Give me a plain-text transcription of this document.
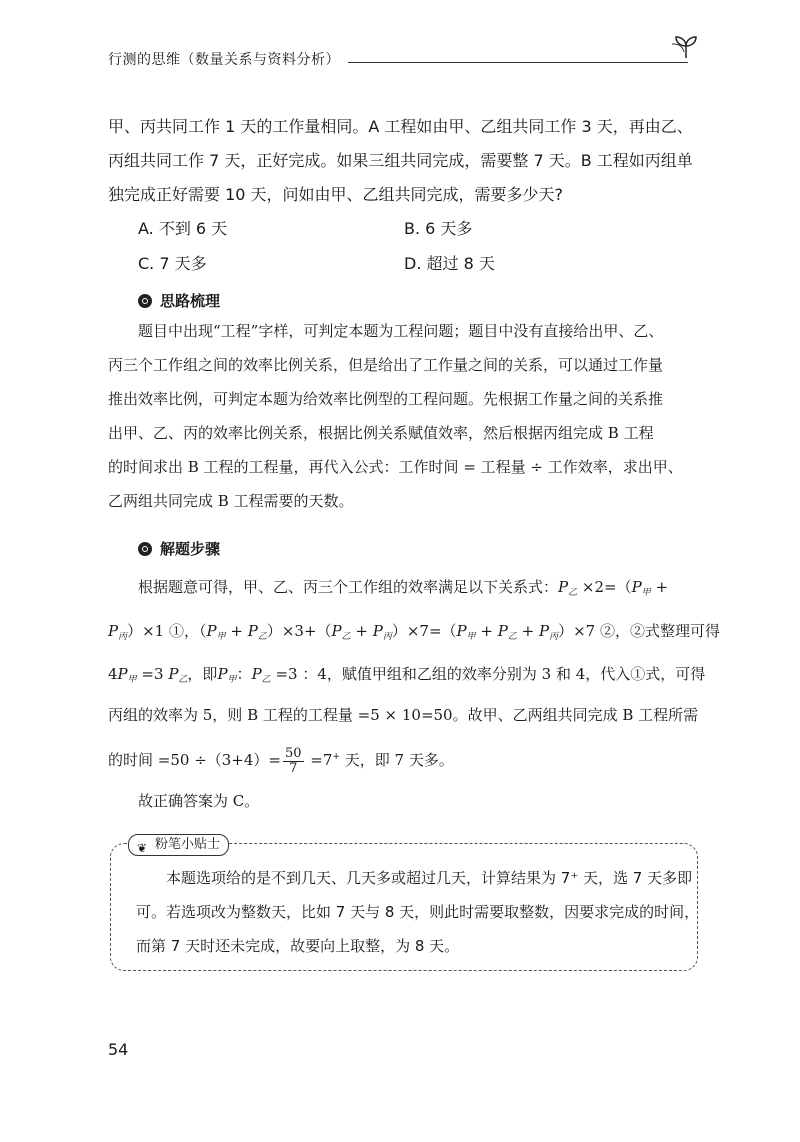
行测的思维（数量关系与资料分析）
甲、丙共同工作 1 天的工作量相同。A 工程如由甲、乙组共同工作 3 天，再由乙、
丙组共同工作 7 天，正好完成。如果三组共同完成，需要整 7 天。B 工程如丙组单
独完成正好需要 10 天，问如由甲、乙组共同完成，需要多少天?
A. 不到 6 天	B. 6 天多
C. 7 天多	D. 超过 8 天
思路梳理
题目中出现“工程”字样，可判定本题为工程问题；题目中没有直接给出甲、乙、
丙三个工作组之间的效率比例关系，但是给出了工作量之间的关系，可以通过工作量
推出效率比例，可判定本题为给效率比例型的工程问题。先根据工作量之间的关系推
出甲、乙、丙的效率比例关系，根据比例关系赋值效率，然后根据丙组完成 B 工程
的时间求出 B 工程的工程量，再代入公式：工作时间 = 工程量 ÷ 工作效率，求出甲、
乙两组共同完成 B 工程需要的天数。
解题步骤
根据题意可得，甲、乙、丙三个工作组的效率满足以下关系式：$P_乙 \times 2=(P_甲$ +
$P_丙)\times 1$ ①，$(P_甲 + P_乙)\times 3+(P_乙 + P_丙)\times 7=(P_甲 + P_乙 + P_丙)\times 7$ ②，②式整理可得
$4P_甲 =3$ $P_乙$，即$P_甲$：$P_乙 =3$ ：4，赋值甲组和乙组的效率分别为 3 和 4，代入①式，可得
丙组的效率为 5，则 B 工程的工程量 =5 × 10=50。故甲、乙两组共同完成 B 工程所需
的时间 $=50 \div(3+4)= \frac{50}{7} =7^+$ 天，即 7 天多。
故正确答案为 C。
❦ 粉笔小贴士
本题选项给的是不到几天、几天多或超过几天，计算结果为 7⁺ 天，选 7 天多即
可。若选项改为整数天，比如 7 天与 8 天，则此时需要取整数，因要求完成的时间，
而第 7 天时还未完成，故要向上取整，为 8 天。
54
